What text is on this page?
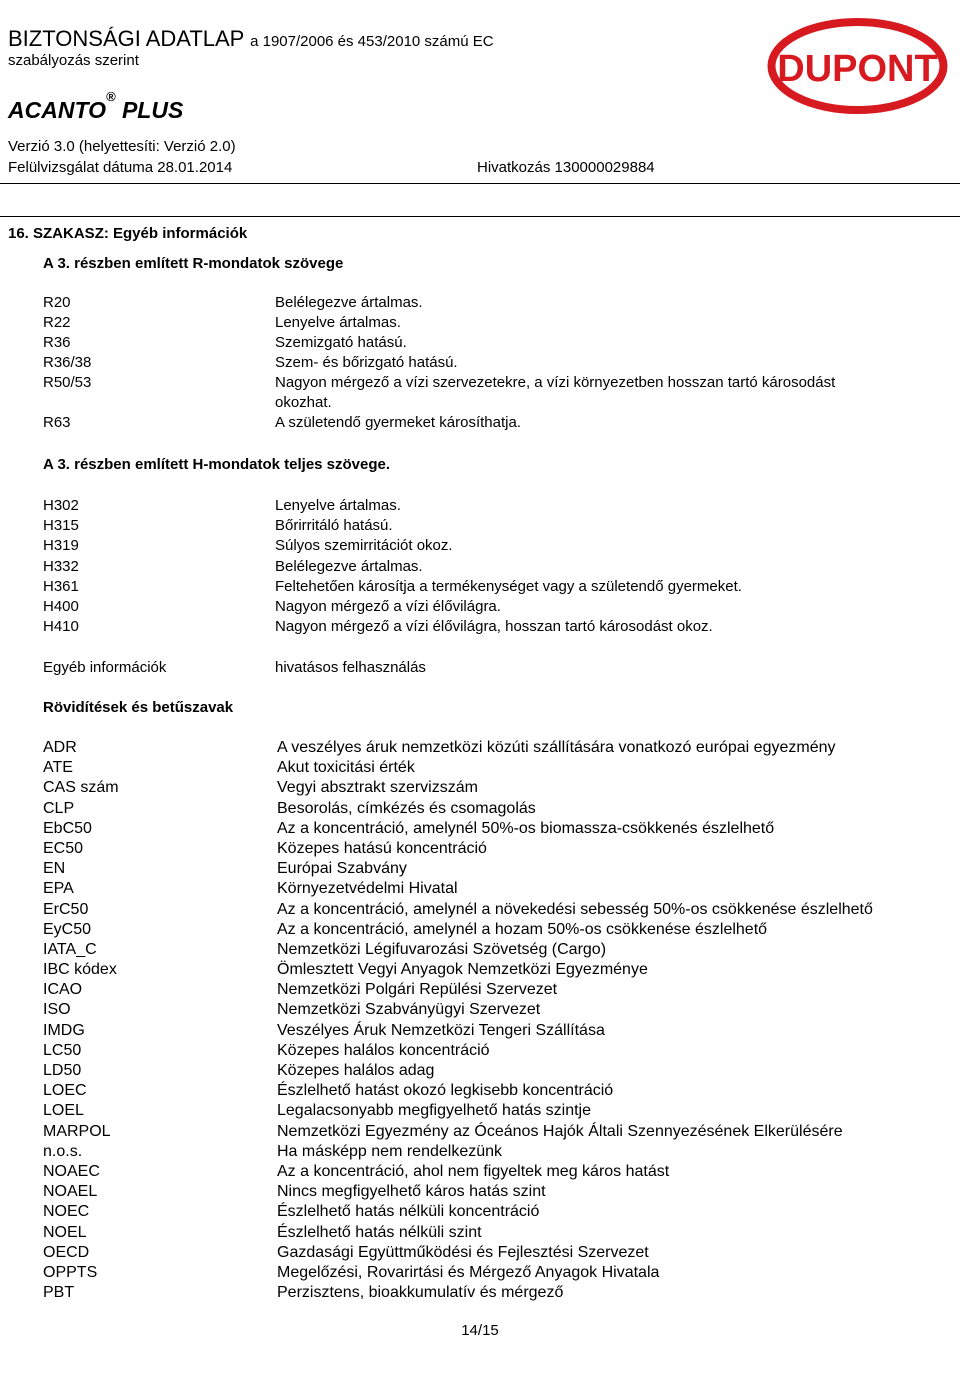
BIZTONSÁGI ADATLAP a 1907/2006 és 453/2010 számú EC
szabályozás szerint	DUPONT
ACANTO® PLUS
Verzió 3.0 (helyettesíti: Verzió 2.0)
Felülvizsgálat dátuma 28.01.2014	Hivatkozás 130000029884
16. SZAKASZ: Egyéb információk
A 3. részben említett R-mondatok szövege
R20	Belélegezve ártalmas.
R22	Lenyelve ártalmas.
R36	Szemizgató hatású.
R36/38	Szem- és bőrizgató hatású.
R50/53	Nagyon mérgező a vízi szervezetekre, a vízi környezetben hosszan tartó károsodást
okozhat.
R63	A születendő gyermeket károsíthatja.
A 3. részben említett H-mondatok teljes szövege.
H302	Lenyelve ártalmas.
H315	Bőrirritáló hatású.
H319	Súlyos szemirritációt okoz.
H332	Belélegezve ártalmas.
H361	Feltehetően károsítja a termékenységet vagy a születendő gyermeket.
H400	Nagyon mérgező a vízi élővilágra.
H410	Nagyon mérgező a vízi élővilágra, hosszan tartó károsodást okoz.
Egyéb információk	hivatásos felhasználás
Rövidítések és betűszavak
ADR	A veszélyes áruk nemzetközi közúti szállítására vonatkozó európai egyezmény
ATE	Akut toxicitási érték
CAS szám	Vegyi absztrakt szervizszám
CLP	Besorolás, címkézés és csomagolás
EbC50	Az a koncentráció, amelynél 50%-os biomassza-csökkenés észlelhető
EC50	Közepes hatású koncentráció
EN	Európai Szabvány
EPA	Környezetvédelmi Hivatal
ErC50	Az a koncentráció, amelynél a növekedési sebesség 50%-os csökkenése észlelhető
EyC50	Az a koncentráció, amelynél a hozam 50%-os csökkenése észlelhető
IATA_C	Nemzetközi Légifuvarozási Szövetség (Cargo)
IBC kódex	Ömlesztett Vegyi Anyagok Nemzetközi Egyezménye
ICAO	Nemzetközi Polgári Repülési Szervezet
ISO	Nemzetközi Szabványügyi Szervezet
IMDG	Veszélyes Áruk Nemzetközi Tengeri Szállítása
LC50	Közepes halálos koncentráció
LD50	Közepes halálos adag
LOEC	Észlelhető hatást okozó legkisebb koncentráció
LOEL	Legalacsonyabb megfigyelhető hatás szintje
MARPOL	Nemzetközi Egyezmény az Óceános Hajók Általi Szennyezésének Elkerülésére
n.o.s.	Ha másképp nem rendelkezünk
NOAEC	Az a koncentráció, ahol nem figyeltek meg káros hatást
NOAEL	Nincs megfigyelhető káros hatás szint
NOEC	Észlelhető hatás nélküli koncentráció
NOEL	Észlelhető hatás nélküli szint
OECD	Gazdasági Együttműködési és Fejlesztési Szervezet
OPPTS	Megelőzési, Rovarirtási és Mérgező Anyagok Hivatala
PBT	Perzisztens, bioakkumulatív és mérgező
14/15
